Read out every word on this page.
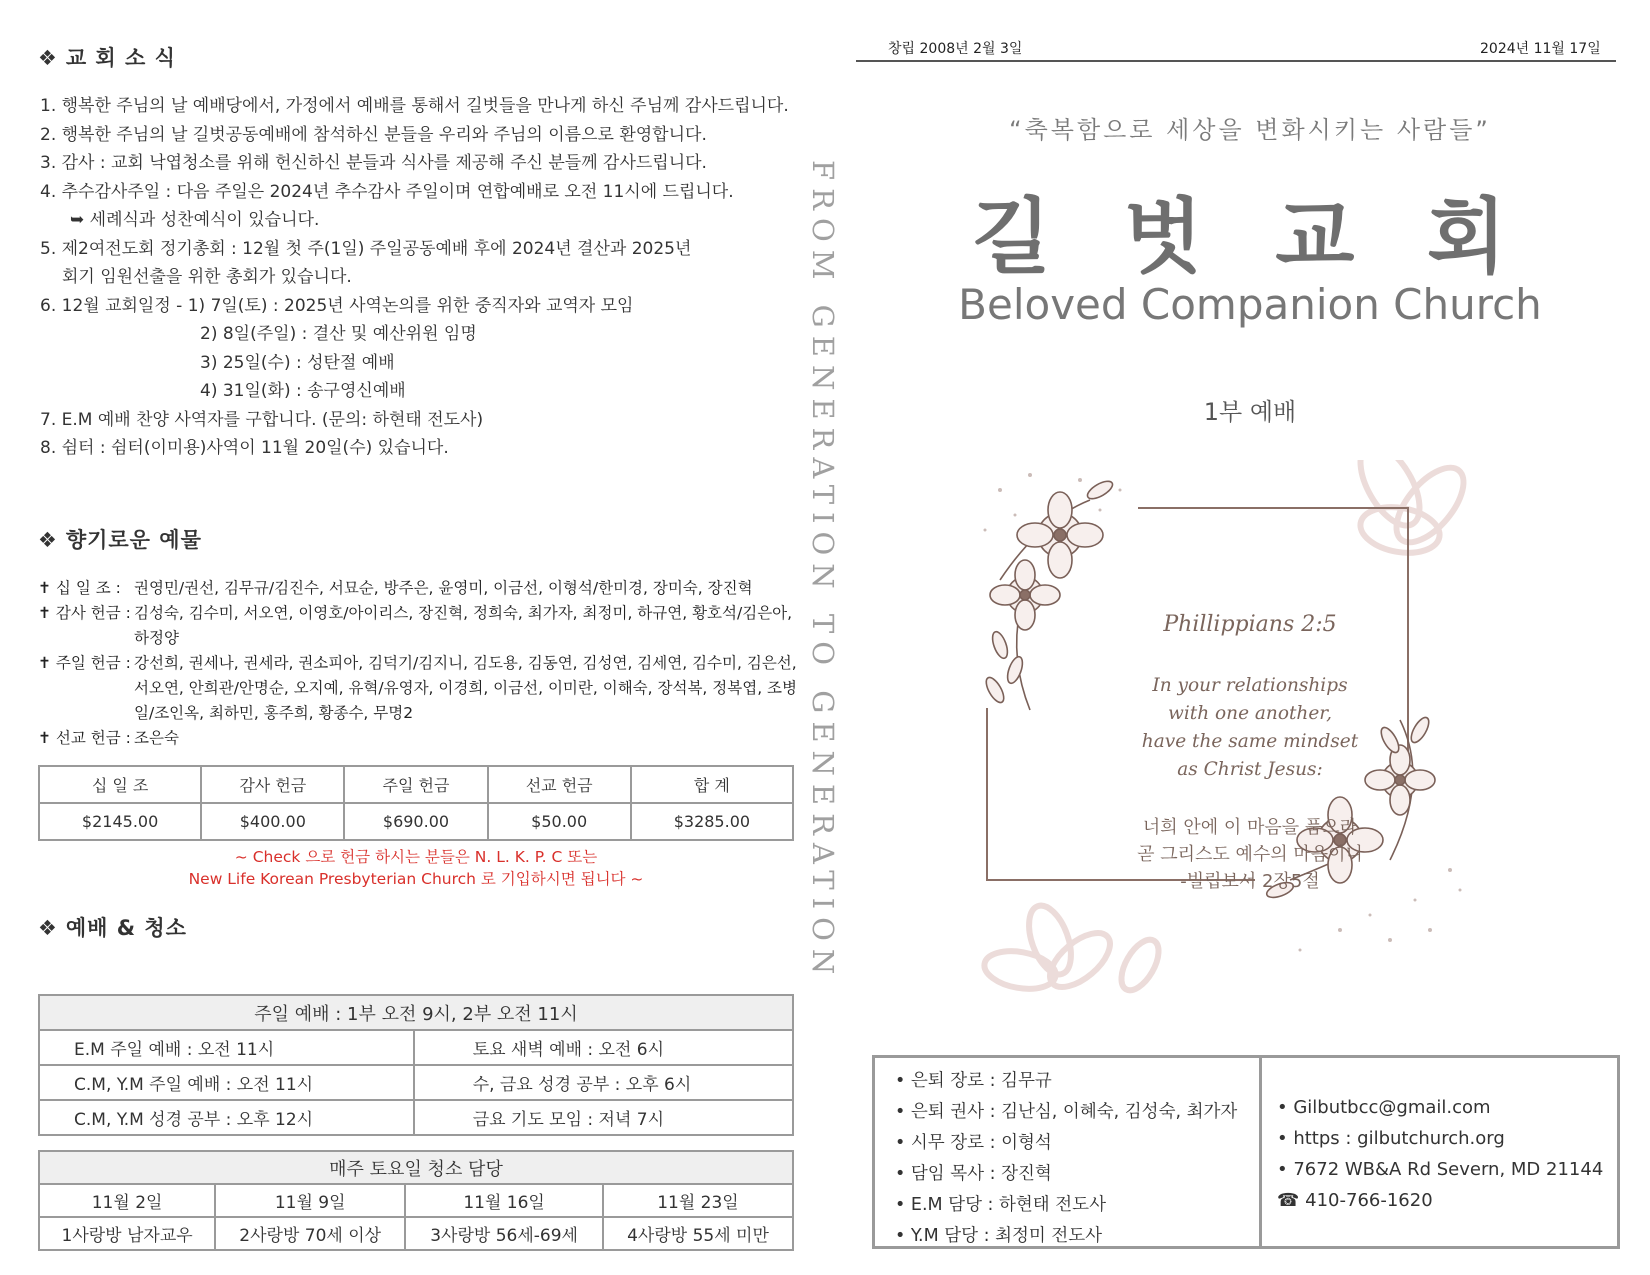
❖ 교 회 소 식
1. 행복한 주님의 날 예배당에서, 가정에서 예배를 통해서 길벗들을 만나게 하신 주님께 감사드립니다.
2. 행복한 주님의 날 길벗공동예배에 참석하신 분들을 우리와 주님의 이름으로 환영합니다.
3. 감사 : 교회 낙엽청소를 위해 헌신하신 분들과 식사를 제공해 주신 분들께 감사드립니다.
4. 추수감사주일 : 다음 주일은 2024년 추수감사 주일이며 연합예배로 오전 11시에 드립니다.
➥ 세례식과 성찬예식이 있습니다.
5. 제2여전도회 정기총회 : 12월 첫 주(1일) 주일공동예배 후에 2024년 결산과 2025년
회기 임원선출을 위한 총회가 있습니다.
6. 12월 교회일정 - 1) 7일(토) : 2025년 사역논의를 위한 중직자와 교역자 모임
2) 8일(주일) : 결산 및 예산위원 임명
3) 25일(수) : 성탄절 예배
4) 31일(화) : 송구영신예배
7. E.M 예배 찬양 사역자를 구합니다. (문의: 하현태 전도사)
8. 쉼터 : 쉼터(이미용)사역이 11월 20일(수) 있습니다.
❖ 향기로운 예물
✝ 십 일 조 : 권영민/권선, 김무규/김진수, 서묘순, 방주은, 윤영미, 이금선, 이형석/한미경, 장미숙, 장진혁
✝ 감사 헌금 : 김성숙, 김수미, 서오연, 이영호/아이리스, 장진혁, 정희숙, 최가자, 최정미, 하규연, 황호석/김은아, 하정양
✝ 주일 헌금 : 강선희, 권세나, 권세라, 권소피아, 김덕기/김지니, 김도용, 김동연, 김성연, 김세연, 김수미, 김은선, 서오연, 안희관/안명순, 오지예, 유혁/유영자, 이경희, 이금선, 이미란, 이해숙, 장석복, 정복엽, 조병일/조인옥, 최하민, 홍주희, 황종수, 무명2
✝ 선교 헌금 : 조은숙
십 일 조	감사 헌금	주일 헌금	선교 헌금	합 계
$2145.00	$400.00	$690.00	$50.00	$3285.00
~ Check 으로 헌금 하시는 분들은 N. L. K. P. C 또는
New Life Korean Presbyterian Church 로 기입하시면 됩니다 ~
❖ 예배 & 청소
주일 예배 : 1부 오전 9시, 2부 오전 11시	
E.M 주일 예배 : 오전 11시	토요 새벽 예배 : 오전 6시
C.M, Y.M 주일 예배 : 오전 11시	수, 금요 성경 공부 : 오후 6시
C.M, Y.M 성경 공부 : 오후 12시	금요 기도 모임 : 저녁 7시
매주 토요일 청소 담당			
11월 2일	11월 9일	11월 16일	11월 23일
1사랑방 남자교우	2사랑방 70세 이상	3사랑방 56세-69세	4사랑방 55세 미만
FROM GENERATION TO GENERATION
창립 2008년 2월 3일	2024년 11월 17일
“축복함으로 세상을 변화시키는 사람들”
길 벗 교 회
Beloved Companion Church
1부 예배
Phillippians 2:5
In your relationships
with one another,
have the same mindset
as Christ Jesus:
너희 안에 이 마음을 품으라
곧 그리스도 예수의 마음이니
-빌립보서 2장5절
• 은퇴 장로 : 김무규
• 은퇴 권사 : 김난심, 이혜숙, 김성숙, 최가자
• 시무 장로 : 이형석
• 담임 목사 : 장진혁
• E.M 담당 : 하현태 전도사
• Y.M 담당 : 최정미 전도사
• Gilbutbcc@gmail.com
• https : gilbutchurch.org
• 7672 WB&A Rd Severn, MD 21144
☎ 410-766-1620
